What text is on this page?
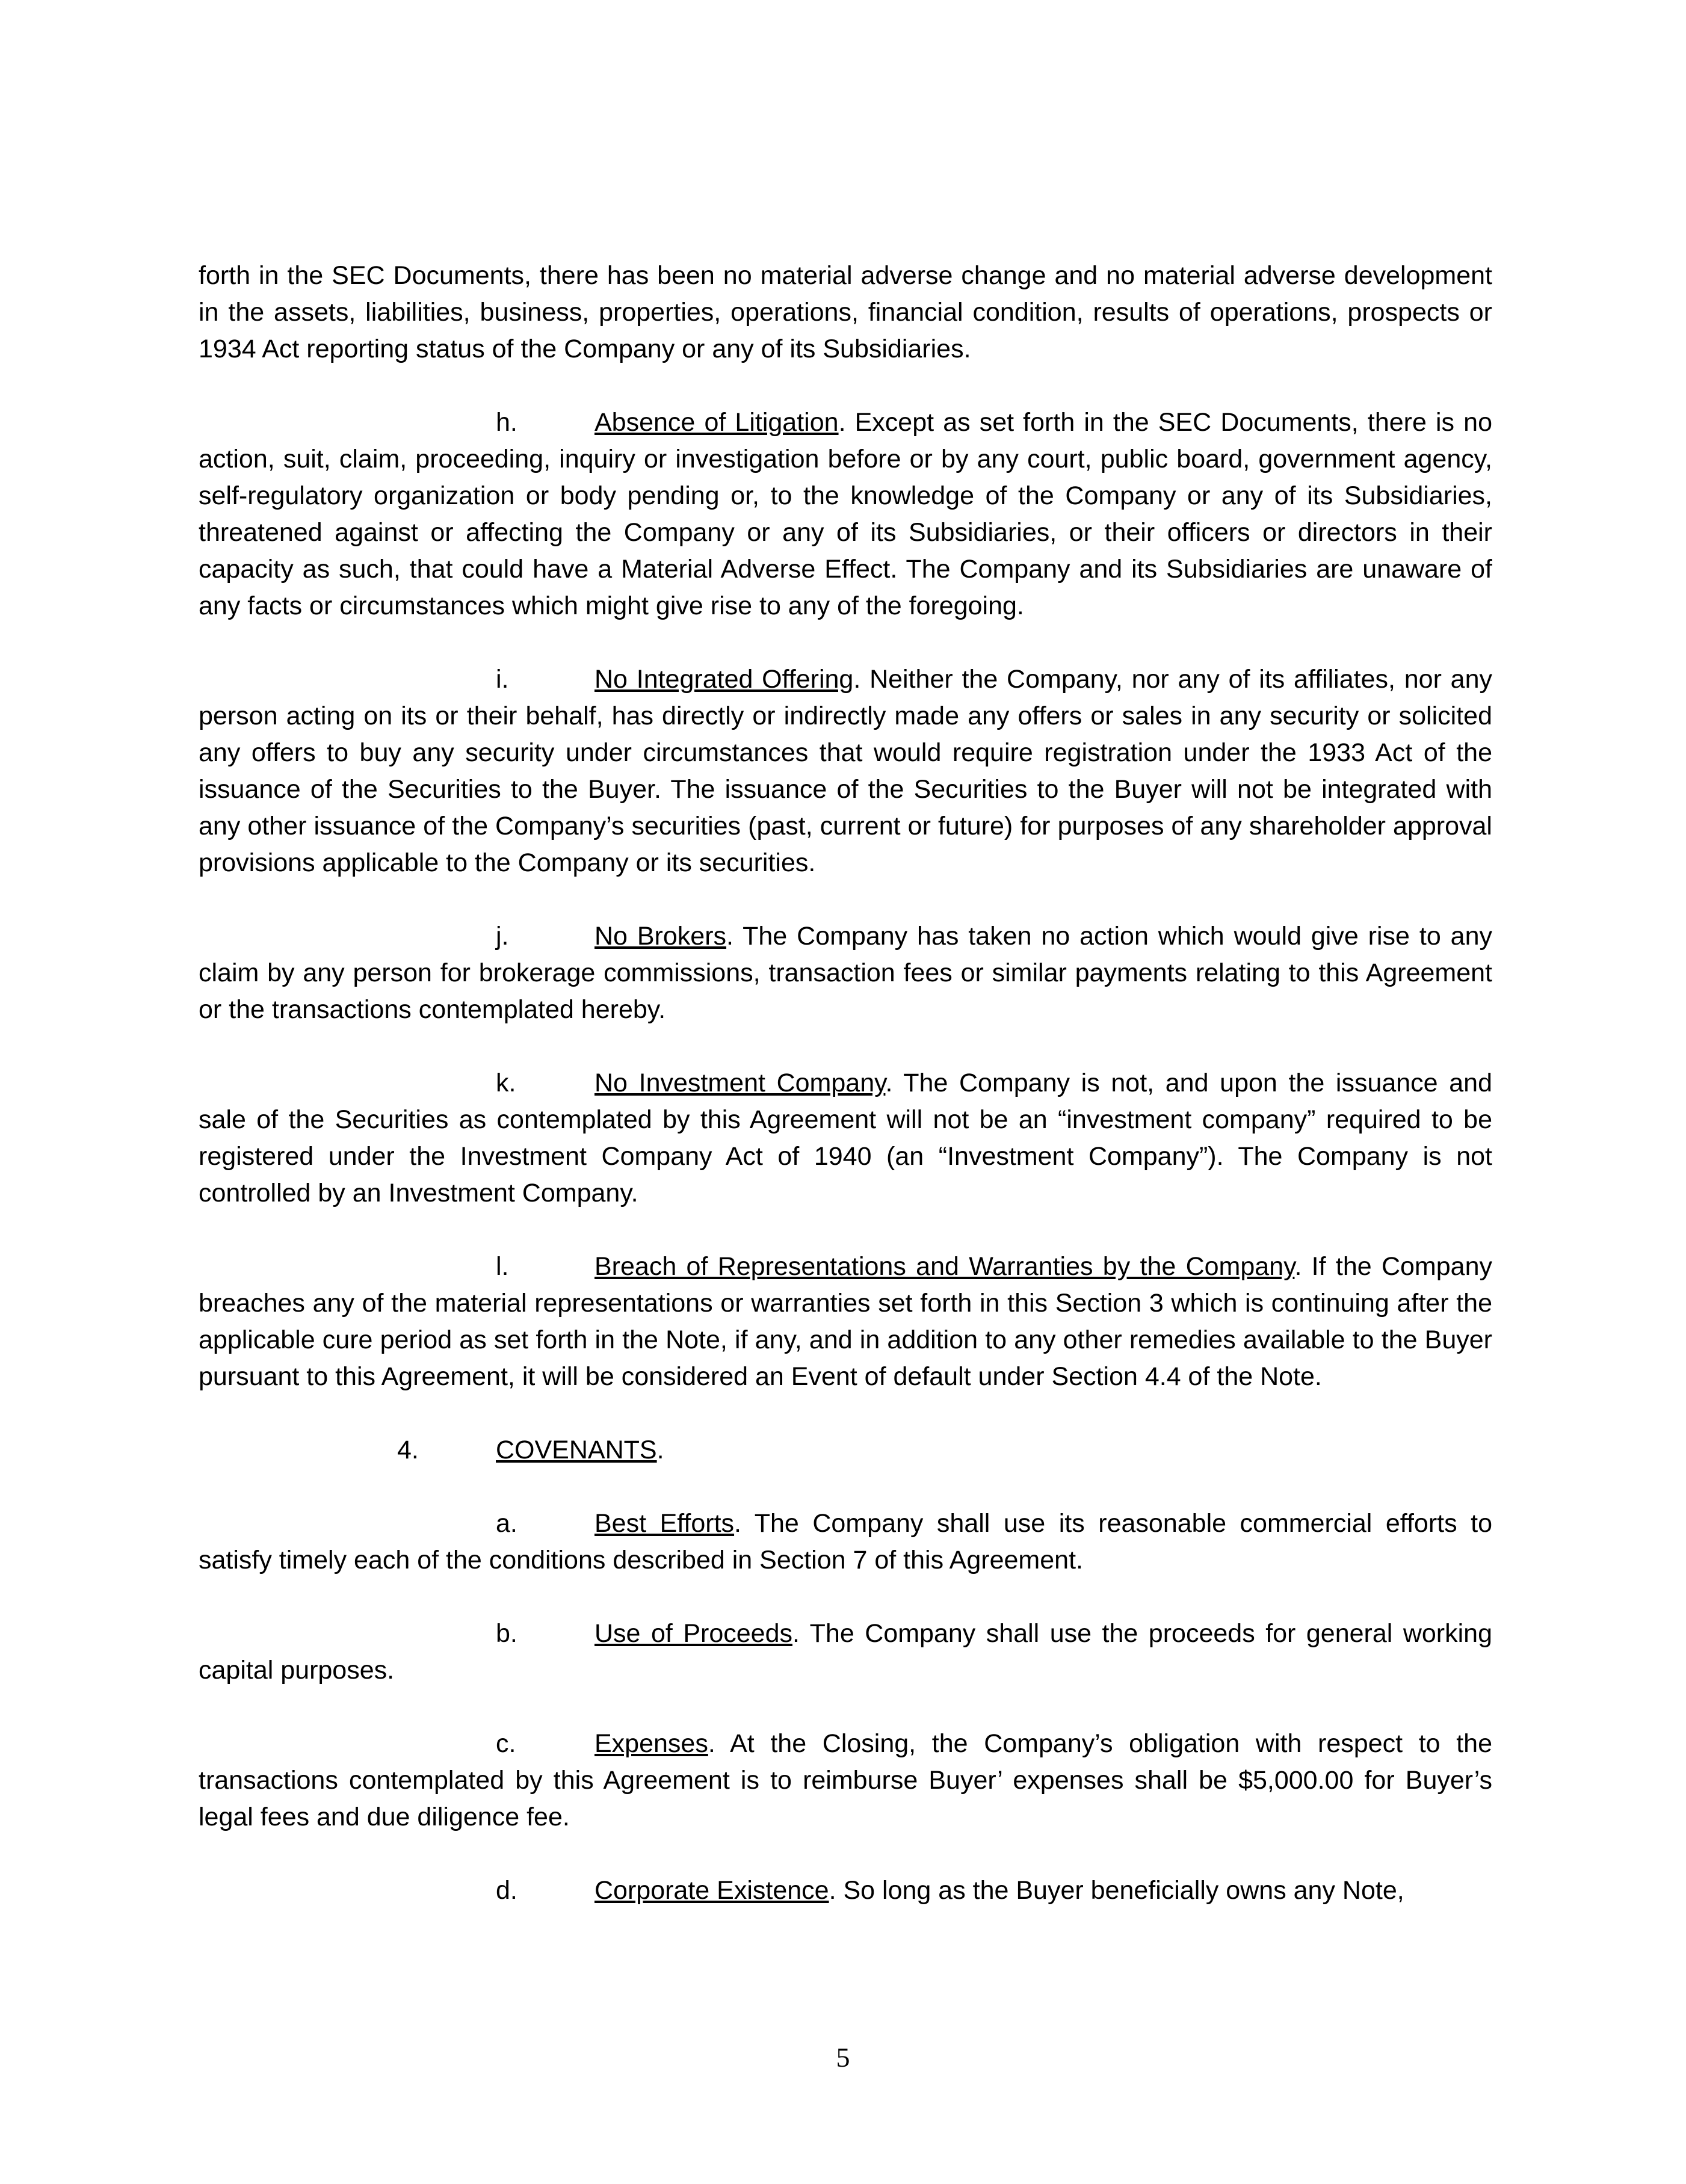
forth in the SEC Documents, there has been no material adverse change and no material adverse development in the assets, liabilities, business, properties, operations, financial condition, results of operations, prospects or 1934 Act reporting status of the Company or any of its Subsidiaries.

h.	Absence of Litigation. Except as set forth in the SEC Documents, there is no action, suit, claim, proceeding, inquiry or investigation before or by any court, public board, government agency, self-regulatory organization or body pending or, to the knowledge of the Company or any of its Subsidiaries, threatened against or affecting the Company or any of its Subsidiaries, or their officers or directors in their capacity as such, that could have a Material Adverse Effect. The Company and its Subsidiaries are unaware of any facts or circumstances which might give rise to any of the foregoing.

i.	No Integrated Offering. Neither the Company, nor any of its affiliates, nor any person acting on its or their behalf, has directly or indirectly made any offers or sales in any security or solicited any offers to buy any security under circumstances that would require registration under the 1933 Act of the issuance of the Securities to the Buyer. The issuance of the Securities to the Buyer will not be integrated with any other issuance of the Company’s securities (past, current or future) for purposes of any shareholder approval provisions applicable to the Company or its securities.

j.	No Brokers. The Company has taken no action which would give rise to any claim by any person for brokerage commissions, transaction fees or similar payments relating to this Agreement or the transactions contemplated hereby.

k.	No Investment Company. The Company is not, and upon the issuance and sale of the Securities as contemplated by this Agreement will not be an “investment company” required to be registered under the Investment Company Act of 1940 (an “Investment Company”). The Company is not controlled by an Investment Company.

l.	Breach of Representations and Warranties by the Company. If the Company breaches any of the material representations or warranties set forth in this Section 3 which is continuing after the applicable cure period as set forth in the Note, if any, and in addition to any other remedies available to the Buyer pursuant to this Agreement, it will be considered an Event of default under Section 4.4 of the Note.

4.	COVENANTS.

a.	Best Efforts. The Company shall use its reasonable commercial efforts to satisfy timely each of the conditions described in Section 7 of this Agreement.

b.	Use of Proceeds. The Company shall use the proceeds for general working capital purposes.

c.	Expenses. At the Closing, the Company’s obligation with respect to the transactions contemplated by this Agreement is to reimburse Buyer’ expenses shall be $5,000.00 for Buyer’s legal fees and due diligence fee.

d.	Corporate Existence. So long as the Buyer beneficially owns any Note,

5
